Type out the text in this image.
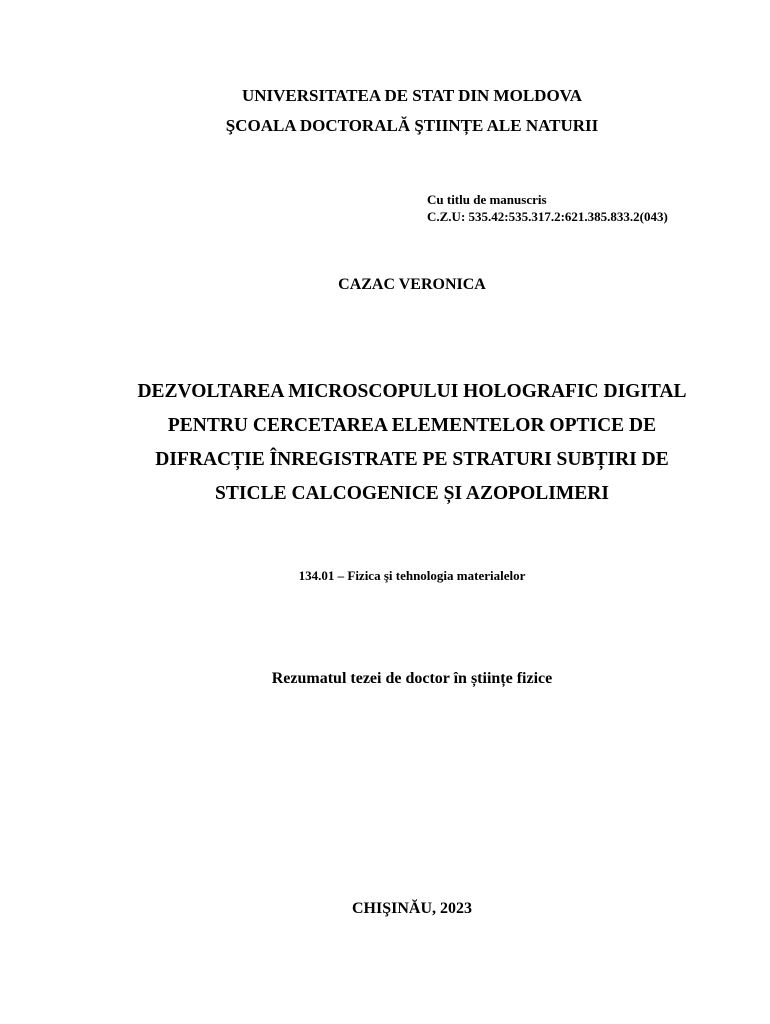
UNIVERSITATEA DE STAT DIN MOLDOVA
ŞCOALA DOCTORALĂ ŞTIINȚE ALE NATURII
Cu titlu de manuscris
C.Z.U: 535.42:535.317.2:621.385.833.2(043)
CAZAC VERONICA
DEZVOLTAREA MICROSCOPULUI HOLOGRAFIC DIGITAL
PENTRU CERCETAREA ELEMENTELOR OPTICE DE
DIFRACȚIE ÎNREGISTRATE PE STRATURI SUBȚIRI DE
STICLE CALCOGENICE ȘI AZOPOLIMERI
134.01 – Fizica şi tehnologia materialelor
Rezumatul tezei de doctor în științe fizice
CHIŞINĂU, 2023
